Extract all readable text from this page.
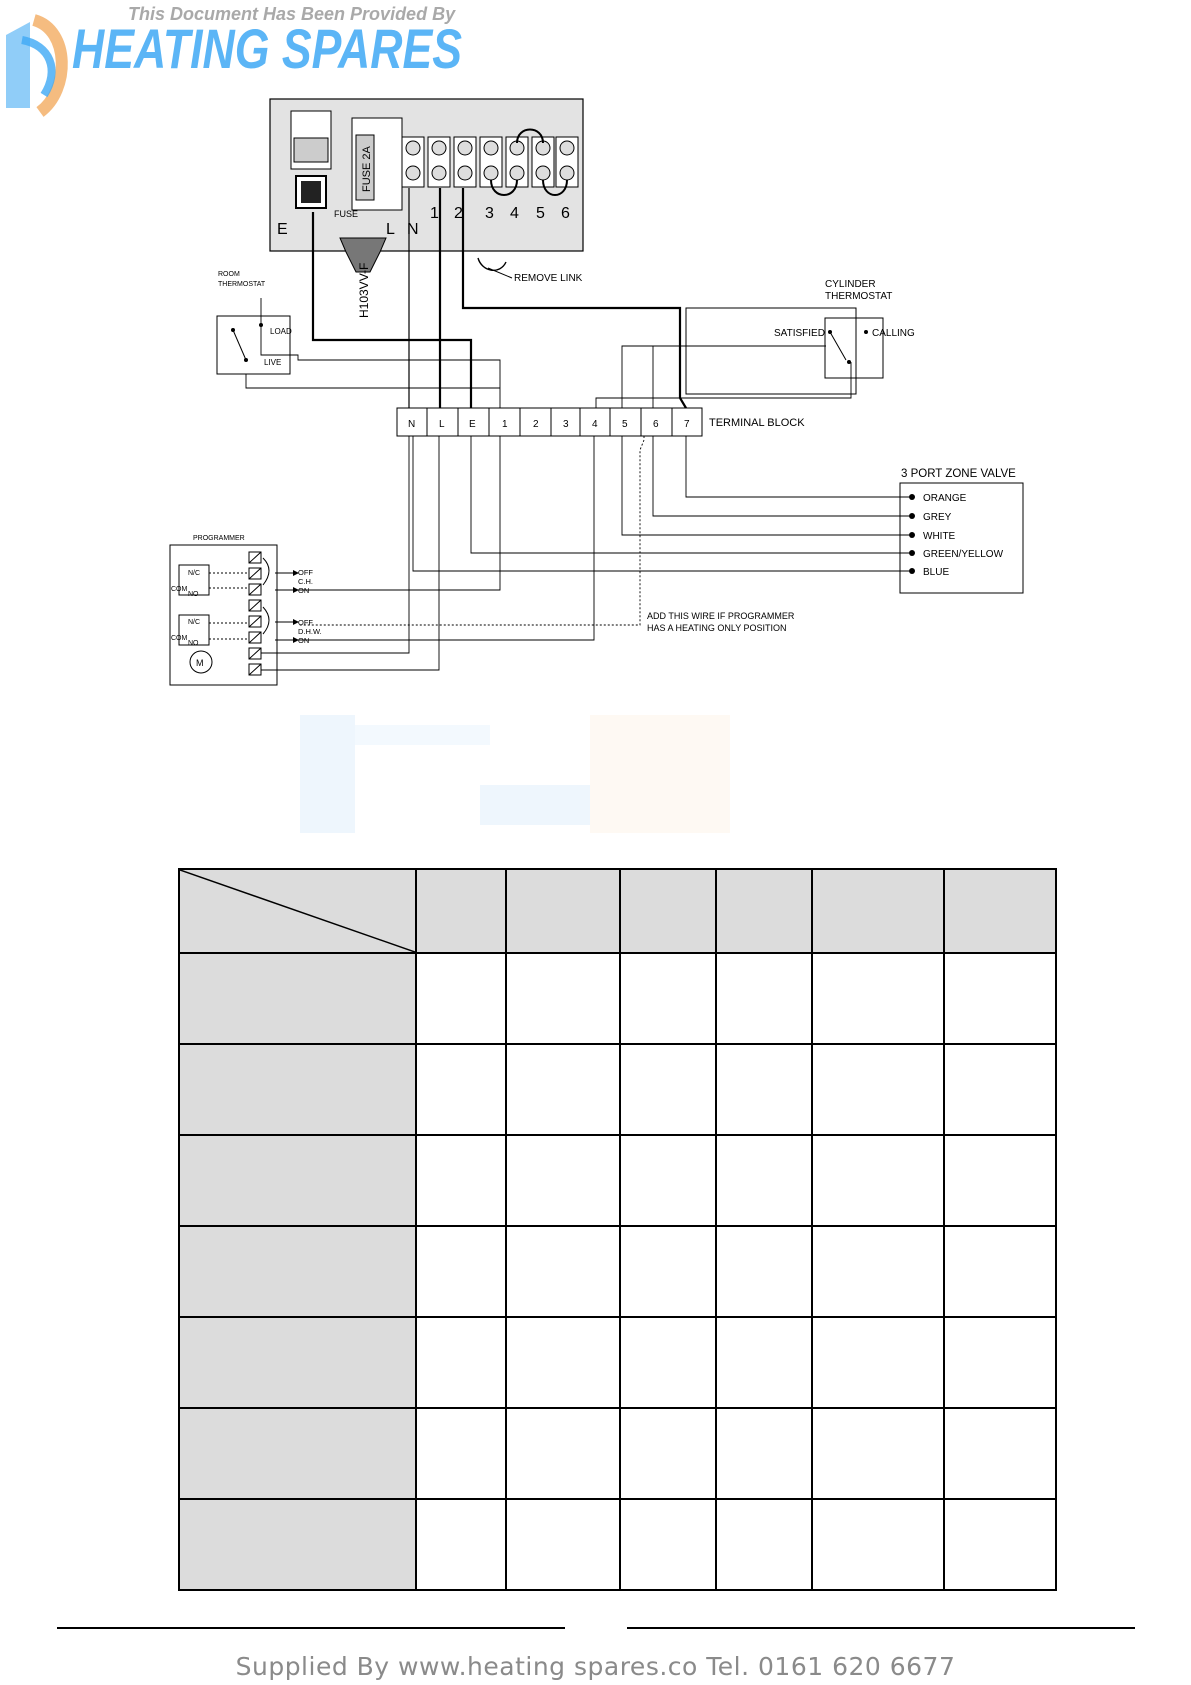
This Document Has Been Provided By
HEATING SPARES
FUSE 2A
E
FUSE
L N
1 2 3 4 5 6
H103VV-F	REMOVE LINK
ROOM
THERMOSTAT
LOAD
LIVE
CYLINDER
THERMOSTAT
SATISFIED	CALLING
N L E	1	2 3 4 5	6	7 TERMINAL BLOCK
3 PORT ZONE VALVE
ORANGE
GREY
WHITE
GREEN/YELLOW
BLUE
PROGRAMMER
N/C
NO
COM
N/C
NO
COM
M
OFF
C.H.
ON
OFF
D.H.W.
ON
ADD THIS WIRE IF PROGRAMMER
HAS A HEATING ONLY POSITION

Supplied By www.heating spares.co Tel. 0161 620 6677
